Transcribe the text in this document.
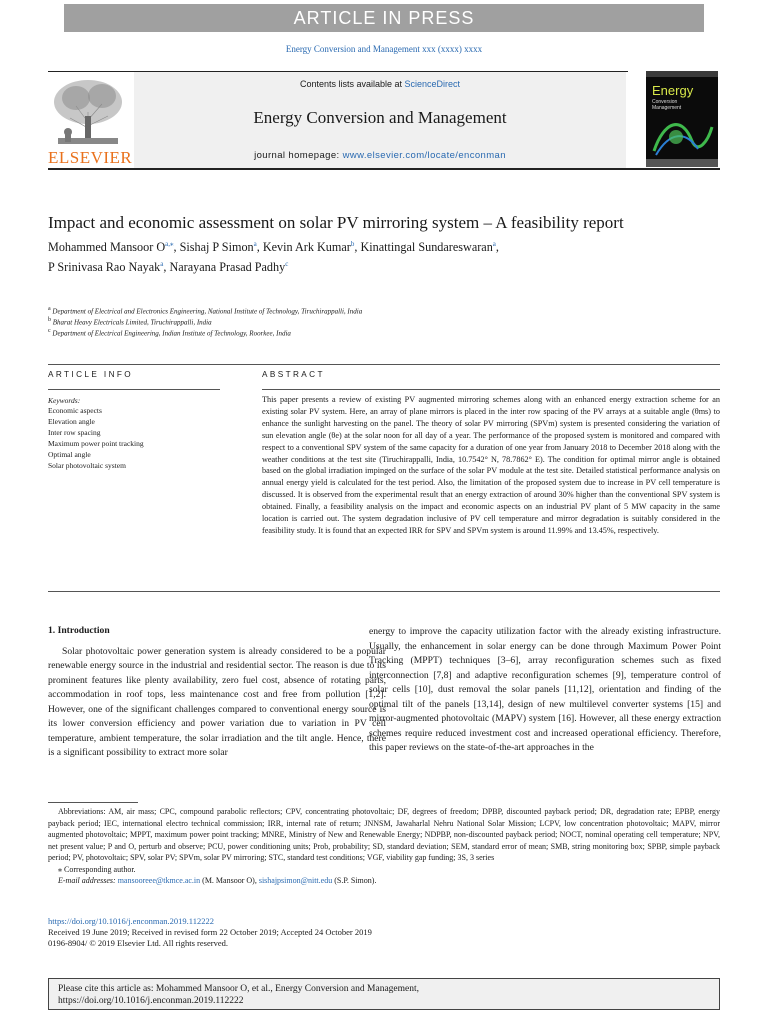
ARTICLE IN PRESS
Energy Conversion and Management xxx (xxxx) xxxx
ELSEVIER
Contents lists available at ScienceDirect
Energy Conversion and Management
journal homepage: www.elsevier.com/locate/enconman
Energy
Conversion
Management
Impact and economic assessment on solar PV mirroring system – A feasibility report
Mohammed Mansoor $O^{a,⁎}$, Sishaj P Simon$^a$, Kevin Ark Kumar$^b$, Kinattingal Sundareswaran$^a$,
P Srinivasa Rao Nayak$^a$, Narayana Prasad Padhy$^c$
$^a$ Department of Electrical and Electronics Engineering, National Institute of Technology, Tiruchirappalli, India
$^b$ Bharat Heavy Electricals Limited, Tiruchirappalli, India
$^c$ Department of Electrical Engineering, Indian Institute of Technology, Roorkee, India
ARTICLE INFO	ABSTRACT
Keywords:
Economic aspects
Elevation angle
Inter row spacing
Maximum power point tracking
Optimal angle
Solar photovoltaic system
This paper presents a review of existing PV augmented mirroring schemes along with an enhanced energy extraction scheme for an existing solar PV system. Here, an array of plane mirrors is placed in the inter row spacing of the PV arrays at a suitable angle (θms) to enhance the sunlight harvesting on the panel. The theory of solar PV mirroring (SPVm) system is presented considering the variation of sun elevation angle (θe) at the solar noon for all day of a year. The performance of the proposed system is monitored and compared with respect to a conventional SPV system of the same capacity for a duration of one year from January 2018 to December 2018 along with the weather conditions at the test site (Tiruchirappalli, India, 10.7542° N, 78.7862° E). The condition for optimal mirror angle is obtained based on the global irradiation impinged on the surface of the solar PV module at the test site. Detailed statistical performance analysis on annual energy yield is calculated for the test period. Also, the limitation of the proposed system due to increase in PV cell temperature is discussed. It is observed from the experimental result that an energy extraction of around 30% higher than the conventional SPV system is obtained. Finally, a feasibility analysis on the impact and economic aspects on an industrial PV plant of 5 MW capacity in the same location is carried out. The system degradation inclusive of PV cell temperature and mirror degradation is suitably considered in the feasibility study. It is found that an expected IRR for SPV and SPVm system is around 11.99% and 13.45%, respectively.
1. Introduction
Solar photovoltaic power generation system is already considered to be a popular renewable energy source in the industrial and residential sector. The reason is due to its prominent features like plenty availability, zero fuel cost, absence of rotating parts, accommodation in roof tops, less maintenance cost and free from pollution [1,2]. However, one of the significant challenges compared to conventional energy source is its lower conversion efficiency and power variation due to variation in PV cell temperature, ambient temperature, the solar irradiation and the tilt angle. Hence, there is a significant possibility to extract more solar
energy to improve the capacity utilization factor with the already existing infrastructure. Usually, the enhancement in solar energy can be done through Maximum Power Point Tracking (MPPT) techniques [3–6], array reconfiguration schemes such as fixed interconnection [7,8] and adaptive reconfiguration schemes [9], temperature control of solar cells [10], dust removal the solar panels [11,12], orientation and finding of the optimal tilt of the panels [13,14], design of new multilevel converter systems [15] and mirror-augmented photovoltaic (MAPV) system [16]. However, all these energy extraction schemes require reduced investment cost and increased operational efficiency. Therefore, this paper reviews on the state-of-the-art approaches in the
Abbreviations: AM, air mass; CPC, compound parabolic reflectors; CPV, concentrating photovoltaic; DF, degrees of freedom; DPBP, discounted payback period; DR, degradation rate; EPBP, energy payback period; IEC, international electro technical commission; IRR, internal rate of return; JNNSM, Jawaharlal Nehru National Solar Mission; LCPV, low concentration photovoltaic; MAPV, mirror augmented photovoltaic; MPPT, maximum power point tracking; MNRE, Ministry of New and Renewable Energy; NDPBP, non-discounted payback period; NOCT, nominal operating cell temperature; NPV, net present value; P and O, perturb and observe; PCU, power conditioning units; Prob, probability; SD, standard deviation; SEM, standard error of mean; SMB, string monitoring box; SPBP, simple payback period; PV, photovoltaic; SPV, solar PV; SPVm, solar PV mirroring; STC, standard test conditions; VGF, viability gap funding; 3S, 3 series
⁎ Corresponding author.
E-mail addresses: mansooreee@tkmce.ac.in (M. Mansoor O), sishajpsimon@nitt.edu (S.P. Simon).
https://doi.org/10.1016/j.enconman.2019.112222
Received 19 June 2019; Received in revised form 22 October 2019; Accepted 24 October 2019
0196-8904/ © 2019 Elsevier Ltd. All rights reserved.
Please cite this article as: Mohammed Mansoor O, et al., Energy Conversion and Management,
https://doi.org/10.1016/j.enconman.2019.112222
